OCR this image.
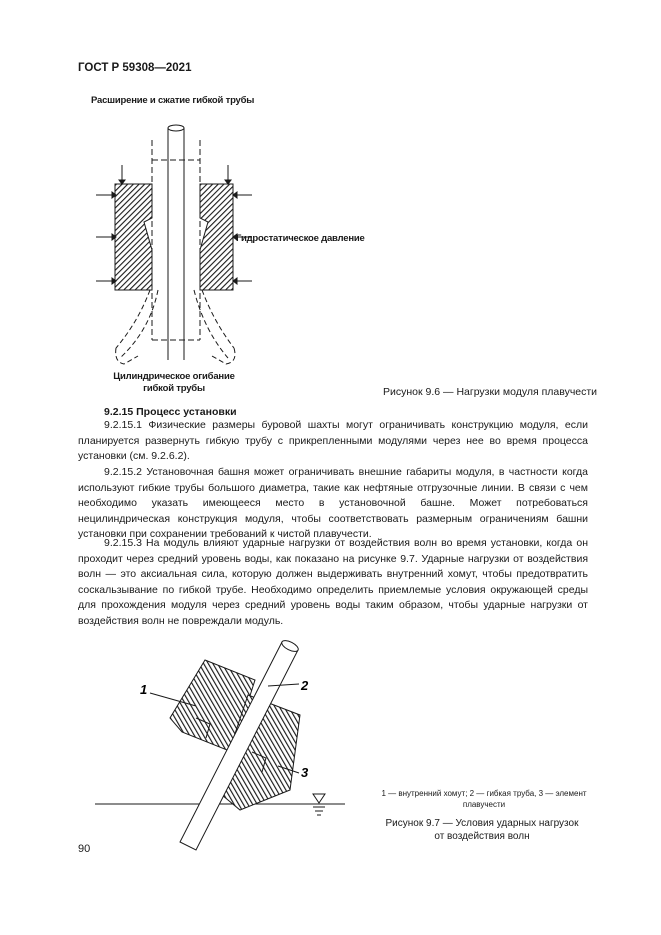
ГОСТ Р 59308—2021
Расширение и сжатие гибкой трубы
1	2
3
Гидростатическое давление
Цилиндрическое огибание
гибкой трубы	Рисунок 9.6 — Нагрузки модуля плавучести
9.2.15 Процесс установки
9.2.15.1 Физические размеры буровой шахты могут ограничивать конструкцию модуля, если планируется развернуть гибкую трубу с прикрепленными модулями через нее во время процесса установки (см. 9.2.6.2).
9.2.15.2 Установочная башня может ограничивать внешние габариты модуля, в частности когда используют гибкие трубы большого диаметра, такие как нефтяные отгрузочные линии. В связи с чем необходимо указать имеющееся место в установочной башне. Может потребоваться нецилиндрическая конструкция модуля, чтобы соответствовать размерным ограничениям башни установки при сохранении требований к чистой плавучести.
9.2.15.3 На модуль влияют ударные нагрузки от воздействия волн во время установки, когда он проходит через средний уровень воды, как показано на рисунке 9.7. Ударные нагрузки от воздействия волн — это аксиальная сила, которую должен выдерживать внутренний хомут, чтобы предотвратить соскальзывание по гибкой трубе. Необходимо определить приемлемые условия окружающей среды для прохождения модуля через средний уровень воды таким образом, чтобы ударные нагрузки от воздействия волн не повреждали модуль.
1 — внутренний хомут; 2 — гибкая труба, 3 — элемент плавучести
Рисунок 9.7 — Условия ударных нагрузок
от воздействия волн
90
